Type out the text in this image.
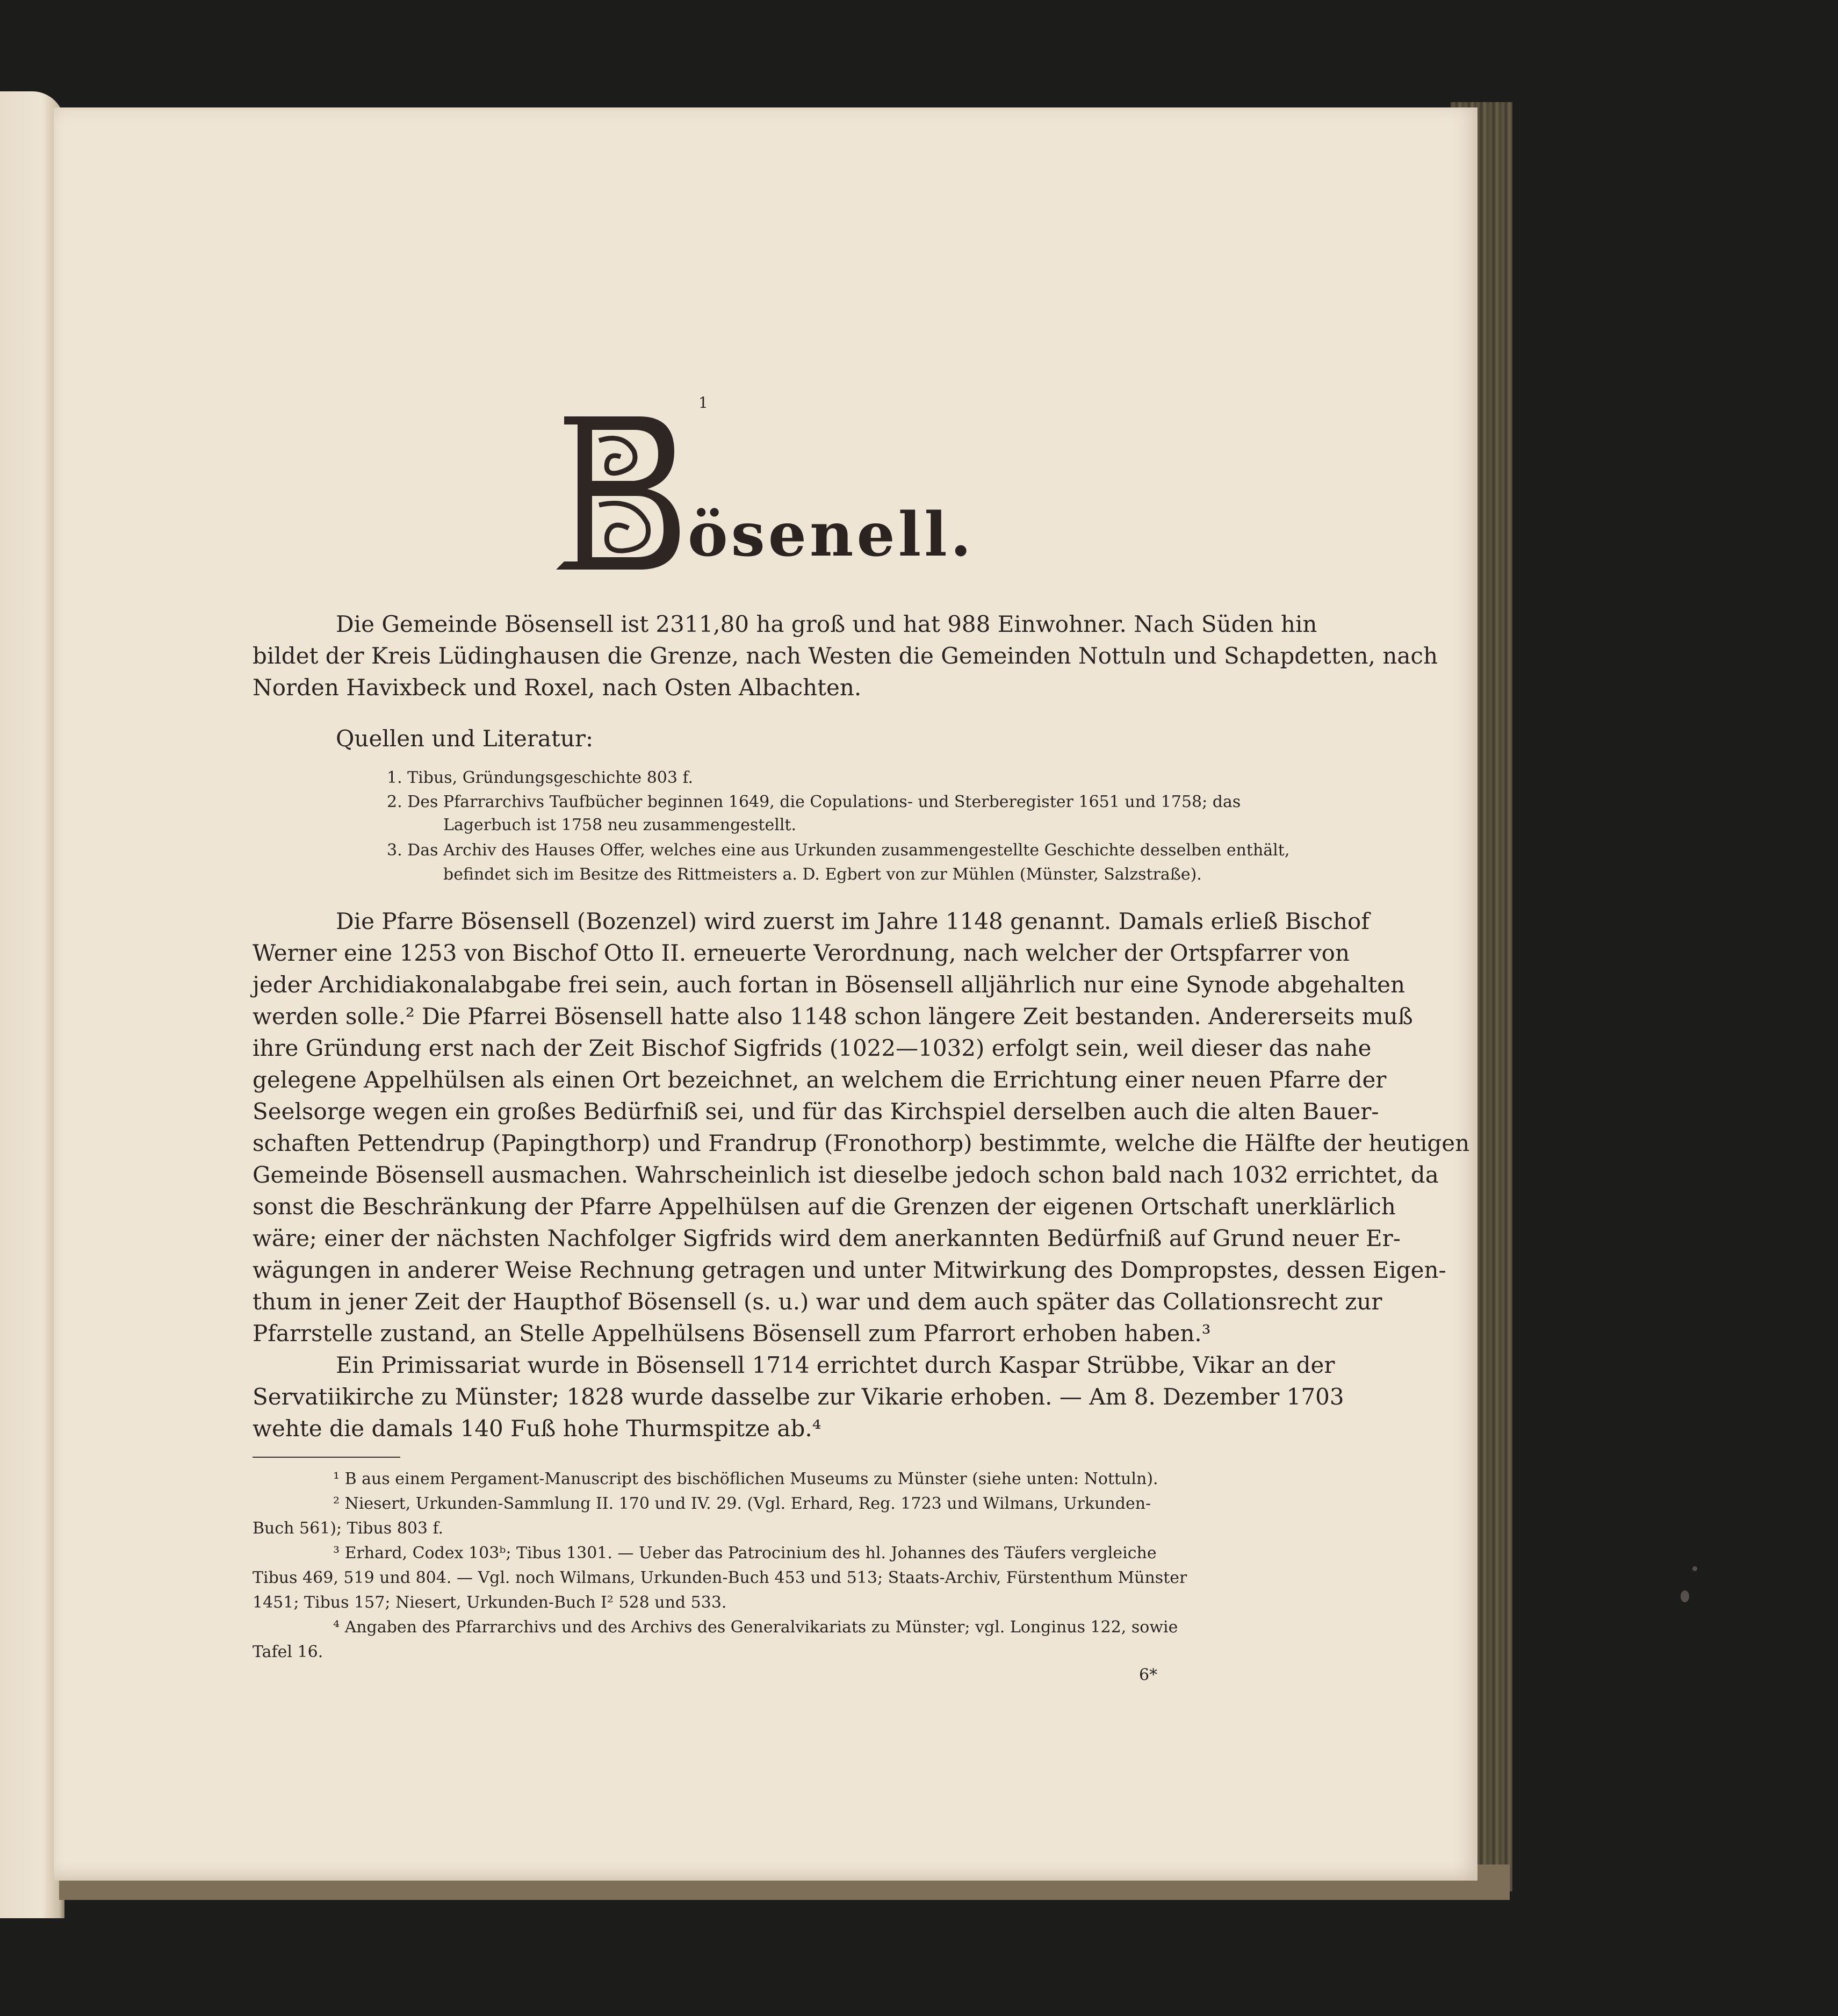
1
ösenell.
Die Gemeinde Bösensell ist 2311,80 ha groß und hat 988 Einwohner. Nach Süden hin
bildet der Kreis Lüdinghausen die Grenze, nach Westen die Gemeinden Nottuln und Schapdetten, nach
Norden Havixbeck und Roxel, nach Osten Albachten.
Quellen und Literatur:
1. Tibus, Gründungsgeschichte 803 f.
2. Des Pfarrarchivs Taufbücher beginnen 1649, die Copulations- und Sterberegister 1651 und 1758; das
Lagerbuch ist 1758 neu zusammengestellt.
3. Das Archiv des Hauses Offer, welches eine aus Urkunden zusammengestellte Geschichte desselben enthält,
befindet sich im Besitze des Rittmeisters a. D. Egbert von zur Mühlen (Münster, Salzstraße).
Die Pfarre Bösensell (Bozenzel) wird zuerst im Jahre 1148 genannt. Damals erließ Bischof
Werner eine 1253 von Bischof Otto II. erneuerte Verordnung, nach welcher der Ortspfarrer von
jeder Archidiakonalabgabe frei sein, auch fortan in Bösensell alljährlich nur eine Synode abgehalten
werden solle.² Die Pfarrei Bösensell hatte also 1148 schon längere Zeit bestanden. Andererseits muß
ihre Gründung erst nach der Zeit Bischof Sigfrids (1022—1032) erfolgt sein, weil dieser das nahe
gelegene Appelhülsen als einen Ort bezeichnet, an welchem die Errichtung einer neuen Pfarre der
Seelsorge wegen ein großes Bedürfniß sei, und für das Kirchspiel derselben auch die alten Bauer-
schaften Pettendrup (Papingthorp) und Frandrup (Fronothorp) bestimmte, welche die Hälfte der heutigen
Gemeinde Bösensell ausmachen. Wahrscheinlich ist dieselbe jedoch schon bald nach 1032 errichtet, da
sonst die Beschränkung der Pfarre Appelhülsen auf die Grenzen der eigenen Ortschaft unerklärlich
wäre; einer der nächsten Nachfolger Sigfrids wird dem anerkannten Bedürfniß auf Grund neuer Er-
wägungen in anderer Weise Rechnung getragen und unter Mitwirkung des Dompropstes, dessen Eigen-
thum in jener Zeit der Haupthof Bösensell (s. u.) war und dem auch später das Collationsrecht zur
Pfarrstelle zustand, an Stelle Appelhülsens Bösensell zum Pfarrort erhoben haben.³
Ein Primissariat wurde in Bösensell 1714 errichtet durch Kaspar Strübbe, Vikar an der
Servatiikirche zu Münster; 1828 wurde dasselbe zur Vikarie erhoben. — Am 8. Dezember 1703
wehte die damals 140 Fuß hohe Thurmspitze ab.⁴
¹ B aus einem Pergament-Manuscript des bischöflichen Museums zu Münster (siehe unten: Nottuln).
² Niesert, Urkunden-Sammlung II. 170 und IV. 29. (Vgl. Erhard, Reg. 1723 und Wilmans, Urkunden-
Buch 561); Tibus 803 f.
³ Erhard, Codex 103ᵇ; Tibus 1301. — Ueber das Patrocinium des hl. Johannes des Täufers vergleiche
Tibus 469, 519 und 804. — Vgl. noch Wilmans, Urkunden-Buch 453 und 513; Staats-Archiv, Fürstenthum Münster
1451; Tibus 157; Niesert, Urkunden-Buch I² 528 und 533.
⁴ Angaben des Pfarrarchivs und des Archivs des Generalvikariats zu Münster; vgl. Longinus 122, sowie
Tafel 16.
6*
